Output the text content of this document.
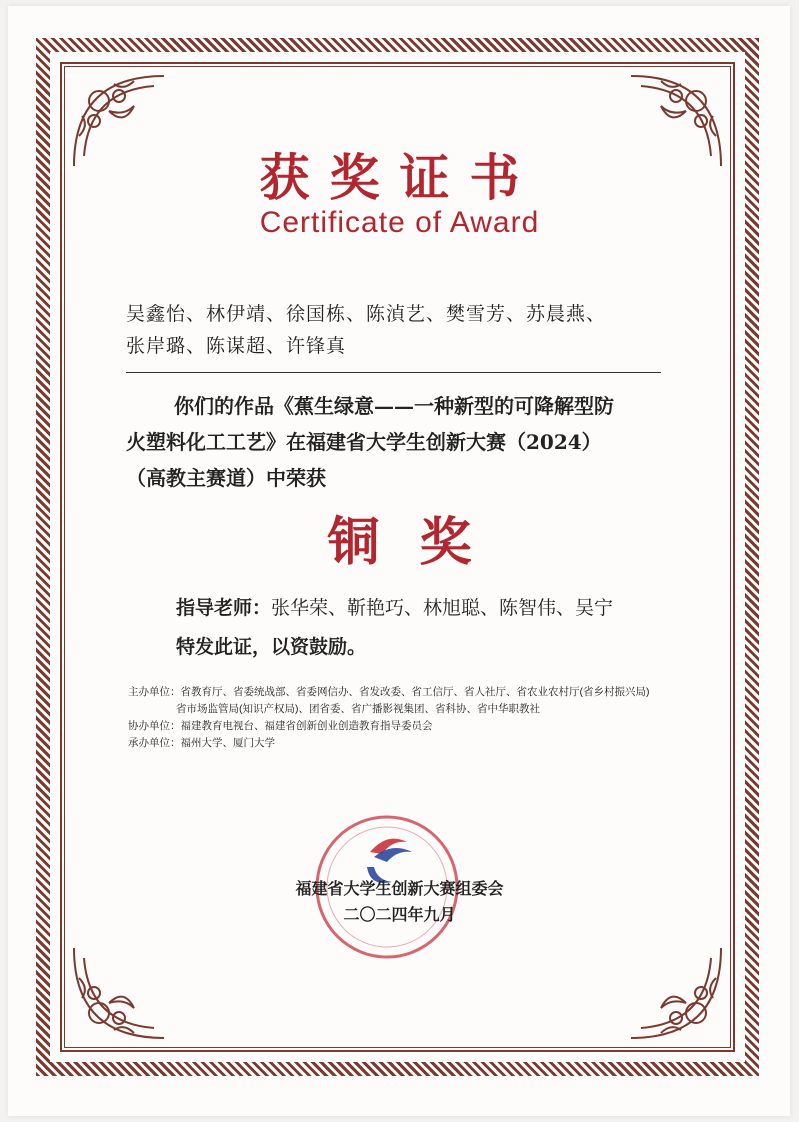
获奖证书
Certificate of Award
吴鑫怡、林伊靖、徐国栋、陈湞艺、樊雪芳、苏晨燕、
张岸璐、陈谋超、许锋真
你们的作品《蕉生绿意——一种新型的可降解型防
火塑料化工工艺》在福建省大学生创新大赛（2024）
（高教主赛道）中荣获
铜奖
指导老师：张华荣、靳艳巧、林旭聪、陈智伟、吴宁
特发此证，以资鼓励。
主办单位：省教育厅、省委统战部、省委网信办、省发改委、省工信厅、省人社厅、省农业农村厅(省乡村振兴局)
省市场监管局(知识产权局)、团省委、省广播影视集团、省科协、省中华职教社
协办单位：福建教育电视台、福建省创新创业创造教育指导委员会
承办单位：福州大学、厦门大学
福建省大学生创新大赛组委会
二〇二四年九月
